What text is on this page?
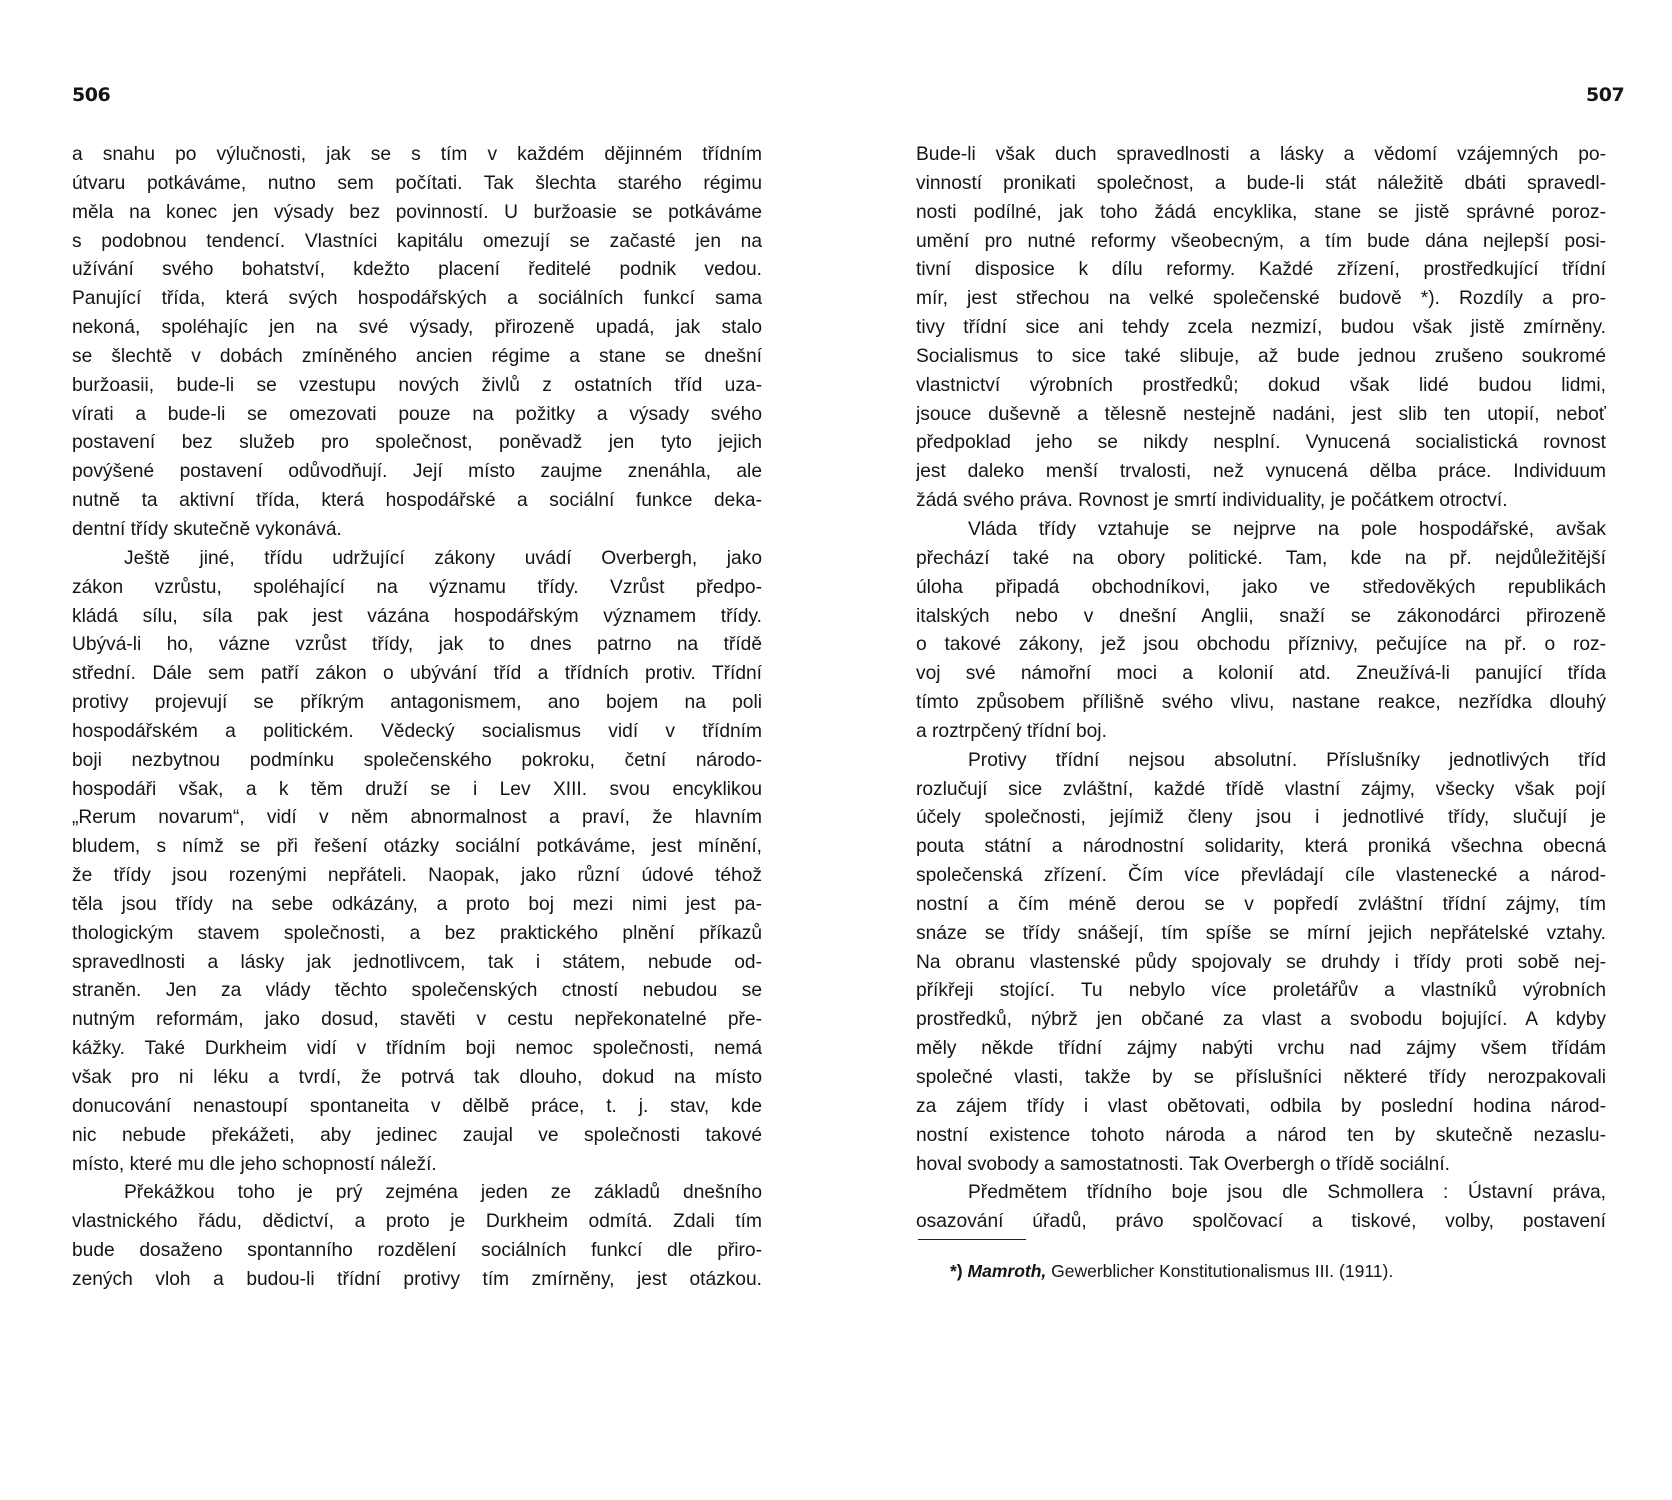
506
a snahu po výlučnosti, jak se s tím v každém dějinném třídním
útvaru potkáváme, nutno sem počítati. Tak šlechta starého régimu
měla na konec jen výsady bez povinností. U buržoasie se potkáváme
s podobnou tendencí. Vlastníci kapitálu omezují se začasté jen na
užívání svého bohatství, kdežto placení ředitelé podnik vedou.
Panující třída, která svých hospodářských a sociálních funkcí sama
nekoná, spoléhajíc jen na své výsady, přirozeně upadá, jak stalo
se šlechtě v dobách zmíněného ancien régime a stane se dnešní
buržoasii, bude-li se vzestupu nových živlů z ostatních tříd uza-
vírati a bude-li se omezovati pouze na požitky a výsady svého
postavení bez služeb pro společnost, poněvadž jen tyto jejich
povýšené postavení odůvodňují. Její místo zaujme znenáhla, ale
nutně ta aktivní třída, která hospodářské a sociální funkce deka-
dentní třídy skutečně vykonává.
Ještě jiné, třídu udržující zákony uvádí Overbergh, jako
zákon vzrůstu, spoléhající na významu třídy. Vzrůst předpo-
kládá sílu, síla pak jest vázána hospodářským významem třídy.
Ubývá-li ho, vázne vzrůst třídy, jak to dnes patrno na třídě
střední. Dále sem patří zákon o ubývání tříd a třídních protiv. Třídní
protivy projevují se příkrým antagonismem, ano bojem na poli
hospodářském a politickém. Vědecký socialismus vidí v třídním
boji nezbytnou podmínku společenského pokroku, četní národo-
hospodáři však, a k těm druží se i Lev XIII. svou encyklikou
„Rerum novarum“, vidí v něm abnormalnost a praví, že hlavním
bludem, s nímž se při řešení otázky sociální potkáváme, jest mínění,
že třídy jsou rozenými nepřáteli. Naopak, jako různí údové téhož
těla jsou třídy na sebe odkázány, a proto boj mezi nimi jest pa-
thologickým stavem společnosti, a bez praktického plnění příkazů
spravedlnosti a lásky jak jednotlivcem, tak i státem, nebude od-
straněn. Jen za vlády těchto společenských ctností nebudou se
nutným reformám, jako dosud, stavěti v cestu nepřekonatelné pře-
kážky. Také Durkheim vidí v třídním boji nemoc společnosti, nemá
však pro ni léku a tvrdí, že potrvá tak dlouho, dokud na místo
donucování nenastoupí spontaneita v dělbě práce, t. j. stav, kde
nic nebude překážeti, aby jedinec zaujal ve společnosti takové
místo, které mu dle jeho schopností náleží.
Překážkou toho je prý zejména jeden ze základů dnešního
vlastnického řádu, dědictví, a proto je Durkheim odmítá. Zdali tím
bude dosaženo spontanního rozdělení sociálních funkcí dle přiro-
zených vloh a budou-li třídní protivy tím zmírněny, jest otázkou.
507
Bude-li však duch spravedlnosti a lásky a vědomí vzájemných po-
vinností pronikati společnost, a bude-li stát náležitě dbáti spravedl-
nosti podílné, jak toho žádá encyklika, stane se jistě správné poroz-
umění pro nutné reformy všeobecným, a tím bude dána nejlepší posi-
tivní disposice k dílu reformy. Každé zřízení, prostředkující třídní
mír, jest střechou na velké společenské budově *). Rozdíly a pro-
tivy třídní sice ani tehdy zcela nezmizí, budou však jistě zmírněny.
Socialismus to sice také slibuje, až bude jednou zrušeno soukromé
vlastnictví výrobních prostředků; dokud však lidé budou lidmi,
jsouce duševně a tělesně nestejně nadáni, jest slib ten utopií, neboť
předpoklad jeho se nikdy nesplní. Vynucená socialistická rovnost
jest daleko menší trvalosti, než vynucená dělba práce. Individuum
žádá svého práva. Rovnost je smrtí individuality, je počátkem otroctví.
Vláda třídy vztahuje se nejprve na pole hospodářské, avšak
přechází také na obory politické. Tam, kde na př. nejdůležitější
úloha připadá obchodníkovi, jako ve středověkých republikách
italských nebo v dnešní Anglii, snaží se zákonodárci přirozeně
o takové zákony, jež jsou obchodu příznivy, pečujíce na př. o roz-
voj své námořní moci a kolonií atd. Zneužívá-li panující třída
tímto způsobem přílišně svého vlivu, nastane reakce, nezřídka dlouhý
a roztrpčený třídní boj.
Protivy třídní nejsou absolutní. Příslušníky jednotlivých tříd
rozlučují sice zvláštní, každé třídě vlastní zájmy, všecky však pojí
účely společnosti, jejímiž členy jsou i jednotlivé třídy, slučují je
pouta státní a národnostní solidarity, která proniká všechna obecná
společenská zřízení. Čím více převládají cíle vlastenecké a národ-
nostní a čím méně derou se v popředí zvláštní třídní zájmy, tím
snáze se třídy snášejí, tím spíše se mírní jejich nepřátelské vztahy.
Na obranu vlastenské půdy spojovaly se druhdy i třídy proti sobě nej-
příkřeji stojící. Tu nebylo více proletářův a vlastníků výrobních
prostředků, nýbrž jen občané za vlast a svobodu bojující. A kdyby
měly někde třídní zájmy nabýti vrchu nad zájmy všem třídám
společné vlasti, takže by se příslušníci některé třídy nerozpakovali
za zájem třídy i vlast obětovati, odbila by poslední hodina národ-
nostní existence tohoto národa a národ ten by skutečně nezaslu-
hoval svobody a samostatnosti. Tak Overbergh o třídě sociální.
Předmětem třídního boje jsou dle Schmollera : Ústavní práva,
osazování úřadů, právo spolčovací a tiskové, volby, postavení
*) Mamroth, Gewerblicher Konstitutionalismus III. (1911).
